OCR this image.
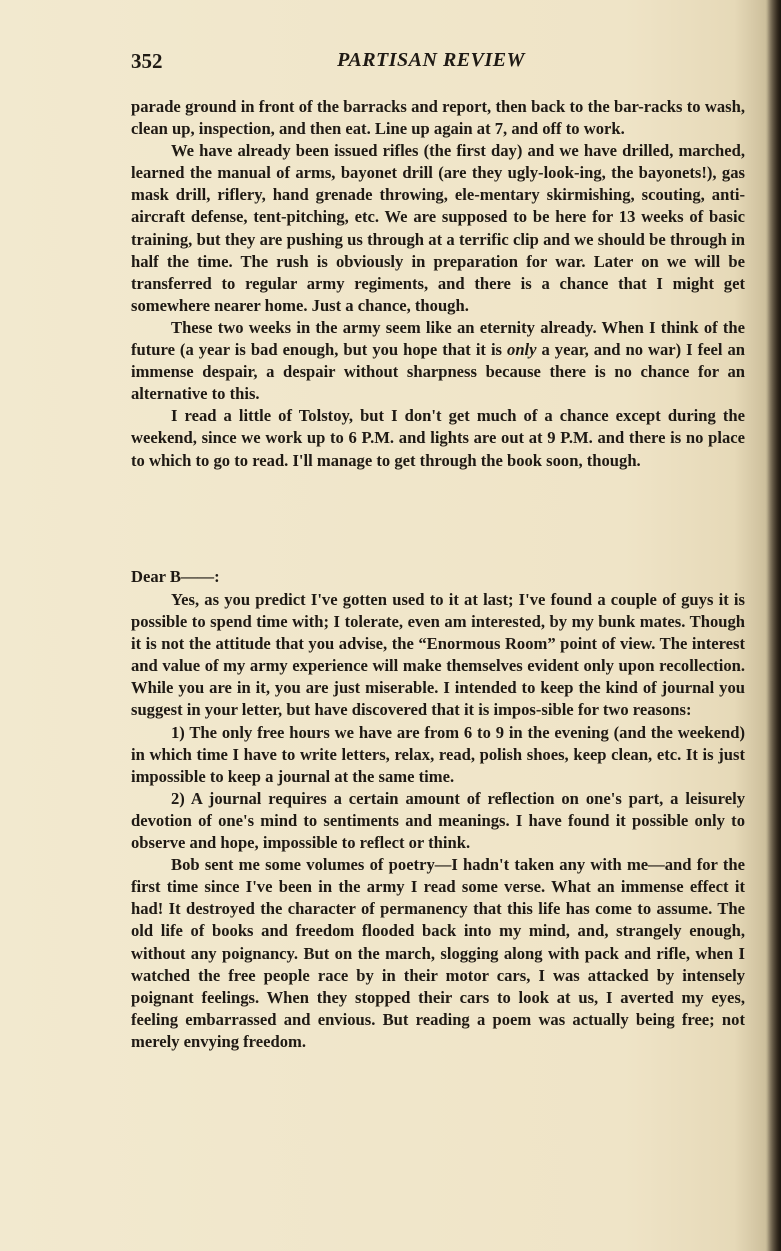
352	PARTISAN REVIEW

parade ground in front of the barracks and report, then back to the bar-racks to wash, clean up, inspection, and then eat. Line up again at 7, and off to work.

We have already been issued rifles (the first day) and we have drilled, marched, learned the manual of arms, bayonet drill (are they ugly-look-ing, the bayonets!), gas mask drill, riflery, hand grenade throwing, ele-mentary skirmishing, scouting, anti-aircraft defense, tent-pitching, etc. We are supposed to be here for 13 weeks of basic training, but they are pushing us through at a terrific clip and we should be through in half the time. The rush is obviously in preparation for war. Later on we will be transferred to regular army regiments, and there is a chance that I might get somewhere nearer home. Just a chance, though.

These two weeks in the army seem like an eternity already. When I think of the future (a year is bad enough, but you hope that it is only a year, and no war) I feel an immense despair, a despair without sharpness because there is no chance for an alternative to this.

I read a little of Tolstoy, but I don't get much of a chance except during the weekend, since we work up to 6 P.M. and lights are out at 9 P.M. and there is no place to which to go to read. I'll manage to get through the book soon, though.

Dear B——:

Yes, as you predict I've gotten used to it at last; I've found a couple of guys it is possible to spend time with; I tolerate, even am interested, by my bunk mates. Though it is not the attitude that you advise, the “Enormous Room” point of view. The interest and value of my army experience will make themselves evident only upon recollection. While you are in it, you are just miserable. I intended to keep the kind of journal you suggest in your letter, but have discovered that it is impos-sible for two reasons:

1) The only free hours we have are from 6 to 9 in the evening (and the weekend) in which time I have to write letters, relax, read, polish shoes, keep clean, etc. It is just impossible to keep a journal at the same time.

2) A journal requires a certain amount of reflection on one's part, a leisurely devotion of one's mind to sentiments and meanings. I have found it possible only to observe and hope, impossible to reflect or think.

Bob sent me some volumes of poetry—I hadn't taken any with me—and for the first time since I've been in the army I read some verse. What an immense effect it had! It destroyed the character of permanency that this life has come to assume. The old life of books and freedom flooded back into my mind, and, strangely enough, without any poignancy. But on the march, slogging along with pack and rifle, when I watched the free people race by in their motor cars, I was attacked by intensely poignant feelings. When they stopped their cars to look at us, I averted my eyes, feeling embarrassed and envious. But reading a poem was actually being free; not merely envying freedom.
